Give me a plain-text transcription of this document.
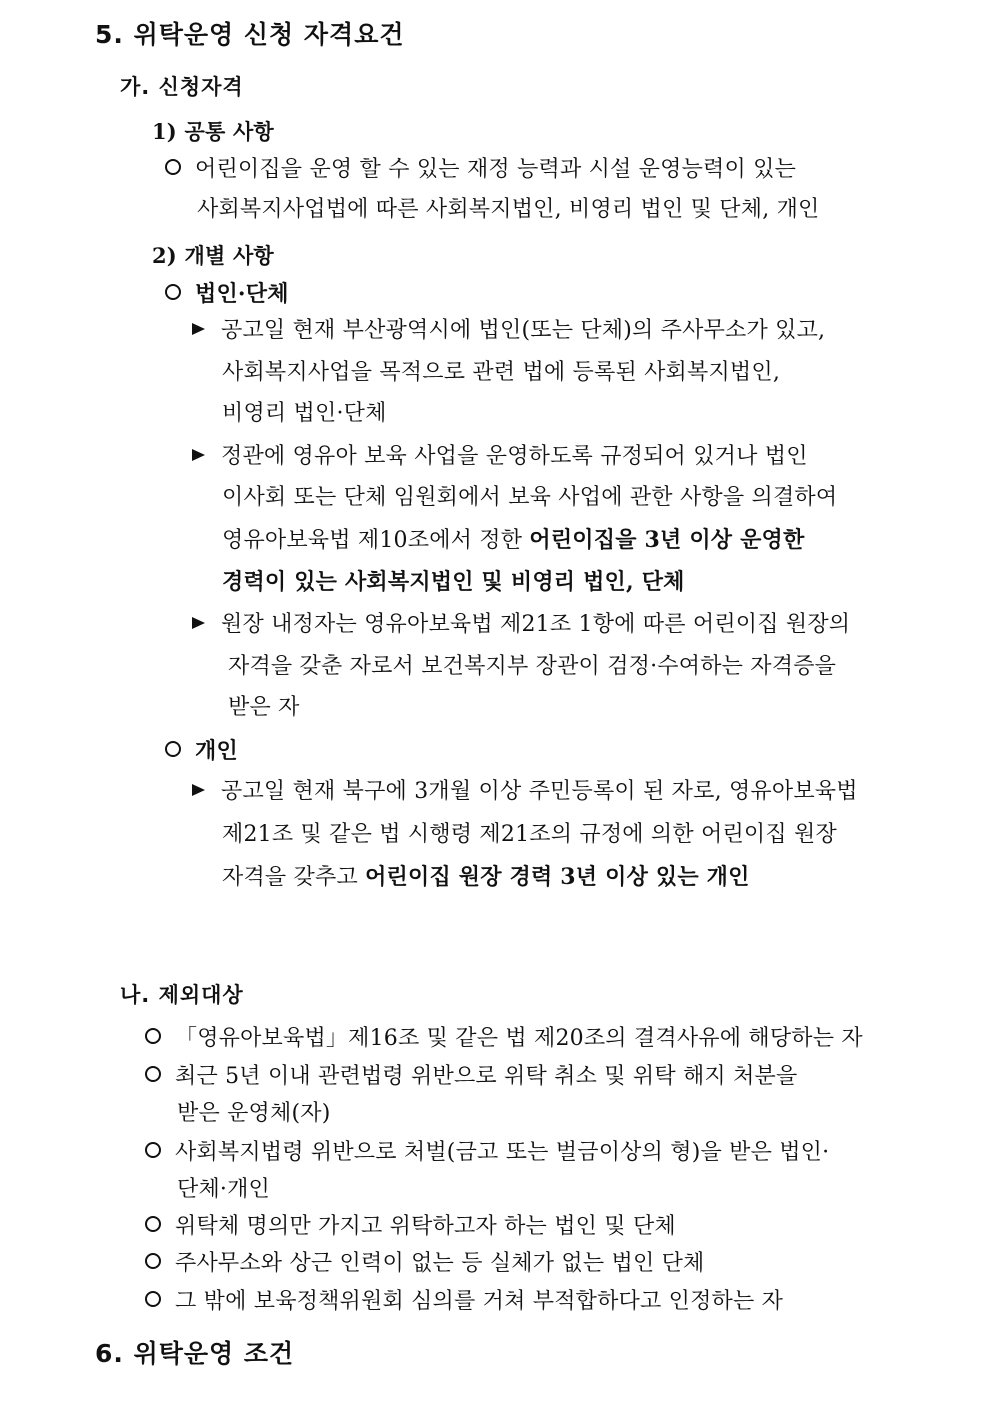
5. 위탁운영 신청 자격요건
가. 신청자격
1) 공통 사항
어린이집을 운영 할 수 있는 재정 능력과 시설 운영능력이 있는
사회복지사업법에 따른 사회복지법인, 비영리 법인 및 단체, 개인
2) 개별 사항
법인·단체
공고일 현재 부산광역시에 법인(또는 단체)의 주사무소가 있고,
사회복지사업을 목적으로 관련 법에 등록된 사회복지법인,
비영리 법인·단체
정관에 영유아 보육 사업을 운영하도록 규정되어 있거나 법인
이사회 또는 단체 임원회에서 보육 사업에 관한 사항을 의결하여
영유아보육법 제10조에서 정한 어린이집을 3년 이상 운영한
경력이 있는 사회복지법인 및 비영리 법인, 단체
원장 내정자는 영유아보육법 제21조 1항에 따른 어린이집 원장의
자격을 갖춘 자로서 보건복지부 장관이 검정·수여하는 자격증을
받은 자
개인
공고일 현재 북구에 3개월 이상 주민등록이 된 자로, 영유아보육법
제21조 및 같은 법 시행령 제21조의 규정에 의한 어린이집 원장
자격을 갖추고 어린이집 원장 경력 3년 이상 있는 개인
나. 제외대상
「영유아보육법」제16조 및 같은 법 제20조의 결격사유에 해당하는 자
최근 5년 이내 관련법령 위반으로 위탁 취소 및 위탁 해지 처분을
받은 운영체(자)
사회복지법령 위반으로 처벌(금고 또는 벌금이상의 형)을 받은 법인·
단체·개인
위탁체 명의만 가지고 위탁하고자 하는 법인 및 단체
주사무소와 상근 인력이 없는 등 실체가 없는 법인 단체
그 밖에 보육정책위원회 심의를 거쳐 부적합하다고 인정하는 자
6. 위탁운영 조건
